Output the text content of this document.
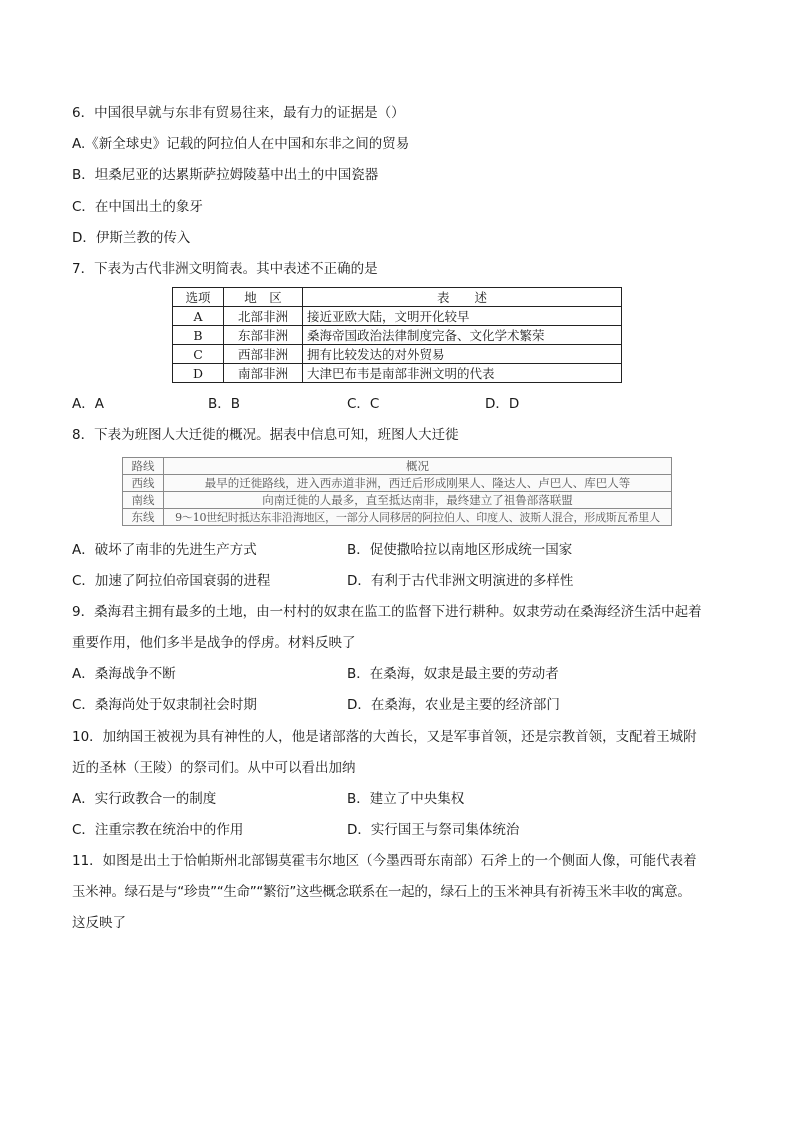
6．中国很早就与东非有贸易往来，最有力的证据是（）
A.《新全球史》记载的阿拉伯人在中国和东非之间的贸易
B．坦桑尼亚的达累斯萨拉姆陵墓中出土的中国瓷器
C．在中国出土的象牙
D．伊斯兰教的传入
7．下表为古代非洲文明简表。其中表述不正确的是
选项	地　区	表　　述
A	北部非洲	接近亚欧大陆，文明开化较早
B	东部非洲	桑海帝国政治法律制度完备、文化学术繁荣
C	西部非洲	拥有比较发达的对外贸易
D	南部非洲	大津巴布韦是南部非洲文明的代表
A．A	B．B	C．C	D．D
8．下表为班图人大迁徙的概况。据表中信息可知，班图人大迁徙
路线	概况
西线	最早的迁徙路线，进入西赤道非洲，西迁后形成刚果人、隆达人、卢巴人、库巴人等
南线	向南迁徙的人最多，直至抵达南非，最终建立了祖鲁部落联盟
东线	9～10世纪时抵达东非沿海地区，一部分人同移居的阿拉伯人、印度人、波斯人混合，形成斯瓦希里人
A．破坏了南非的先进生产方式	B．促使撒哈拉以南地区形成统一国家
C．加速了阿拉伯帝国衰弱的进程	D．有利于古代非洲文明演进的多样性
9．桑海君主拥有最多的土地，由一村村的奴隶在监工的监督下进行耕种。奴隶劳动在桑海经济生活中起着
重要作用，他们多半是战争的俘虏。材料反映了
A．桑海战争不断	B．在桑海，奴隶是最主要的劳动者
C．桑海尚处于奴隶制社会时期	D．在桑海，农业是主要的经济部门
10．加纳国王被视为具有神性的人，他是诸部落的大酋长，又是军事首领，还是宗教首领，支配着王城附
近的圣林（王陵）的祭司们。从中可以看出加纳
A．实行政教合一的制度	B．建立了中央集权
C．注重宗教在统治中的作用	D．实行国王与祭司集体统治
11．如图是出土于恰帕斯州北部锡莫霍韦尔地区（今墨西哥东南部）石斧上的一个侧面人像，可能代表着
玉米神。绿石是与“珍贵”“生命”“繁衍”这些概念联系在一起的，绿石上的玉米神具有祈祷玉米丰收的寓意。
这反映了
